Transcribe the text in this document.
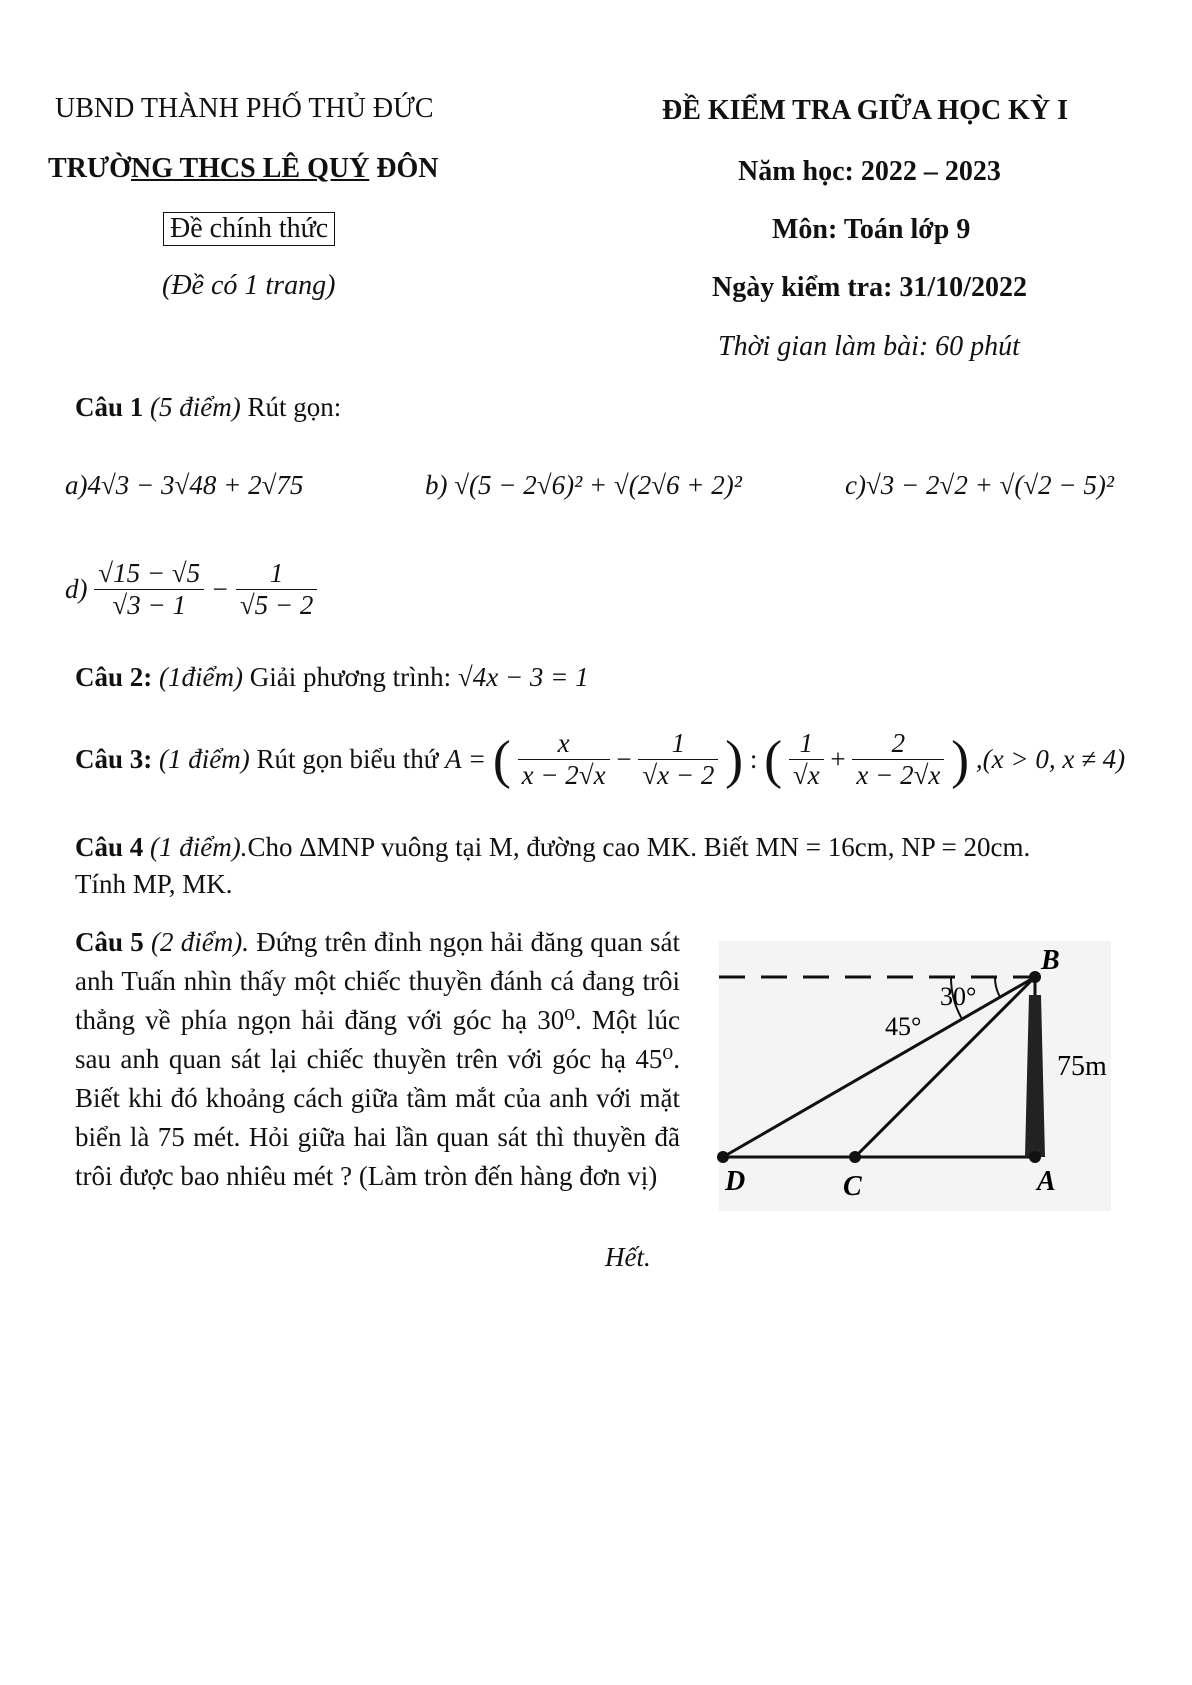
UBND THÀNH PHỐ THỦ ĐỨC
TRƯỜNG THCS LÊ QUÝ ĐÔN
Đề chính thức
(Đề có 1 trang)
ĐỀ KIỂM TRA GIỮA HỌC KỲ I
Năm học: 2022 – 2023
Môn: Toán lớp 9
Ngày kiểm tra: 31/10/2022
Thời gian làm bài: 60 phút
Câu 1 (5 điểm) Rút gọn:
a)4√3 − 3√48 + 2√75	b) √(5 − 2√6)² + √(2√6 + 2)²	c)√3 − 2√2 + √(√2 − 5)²
$d) \frac{√15 - √5}{√3 - 1} - \frac{1}{√5 - 2}$
Câu 2: (1điểm) Giải phương trình: √4x − 3 = 1
Câu 3: (1 điểm) Rút gọn biểu thứ A = ( $\frac{x}{x - 2√x} - \frac{1}{√x - 2}$ ) : ( $\frac{1}{√x} + \frac{2}{x - 2√x}$ ) ,(x > 0, x ≠ 4)
Câu 4 (1 điểm).Cho ΔMNP vuông tại M, đường cao MK. Biết MN = 16cm, NP = 20cm.
Tính MP, MK.
Câu 5 (2 điểm). Đứng trên đỉnh ngọn hải đăng quan sát anh Tuấn nhìn thấy một chiếc thuyền đánh cá đang trôi thẳng về phía ngọn hải đăng với góc hạ 30⁰. Một lúc sau anh quan sát lại chiếc thuyền trên với góc hạ 45⁰. Biết khi đó khoảng cách giữa tầm mắt của anh với mặt biển là 75 mét. Hỏi giữa hai lần quan sát thì thuyền đã trôi được bao nhiêu mét ? (Làm tròn đến hàng đơn vị)
B
A
C
D
30°
45°
75m
Hết.
